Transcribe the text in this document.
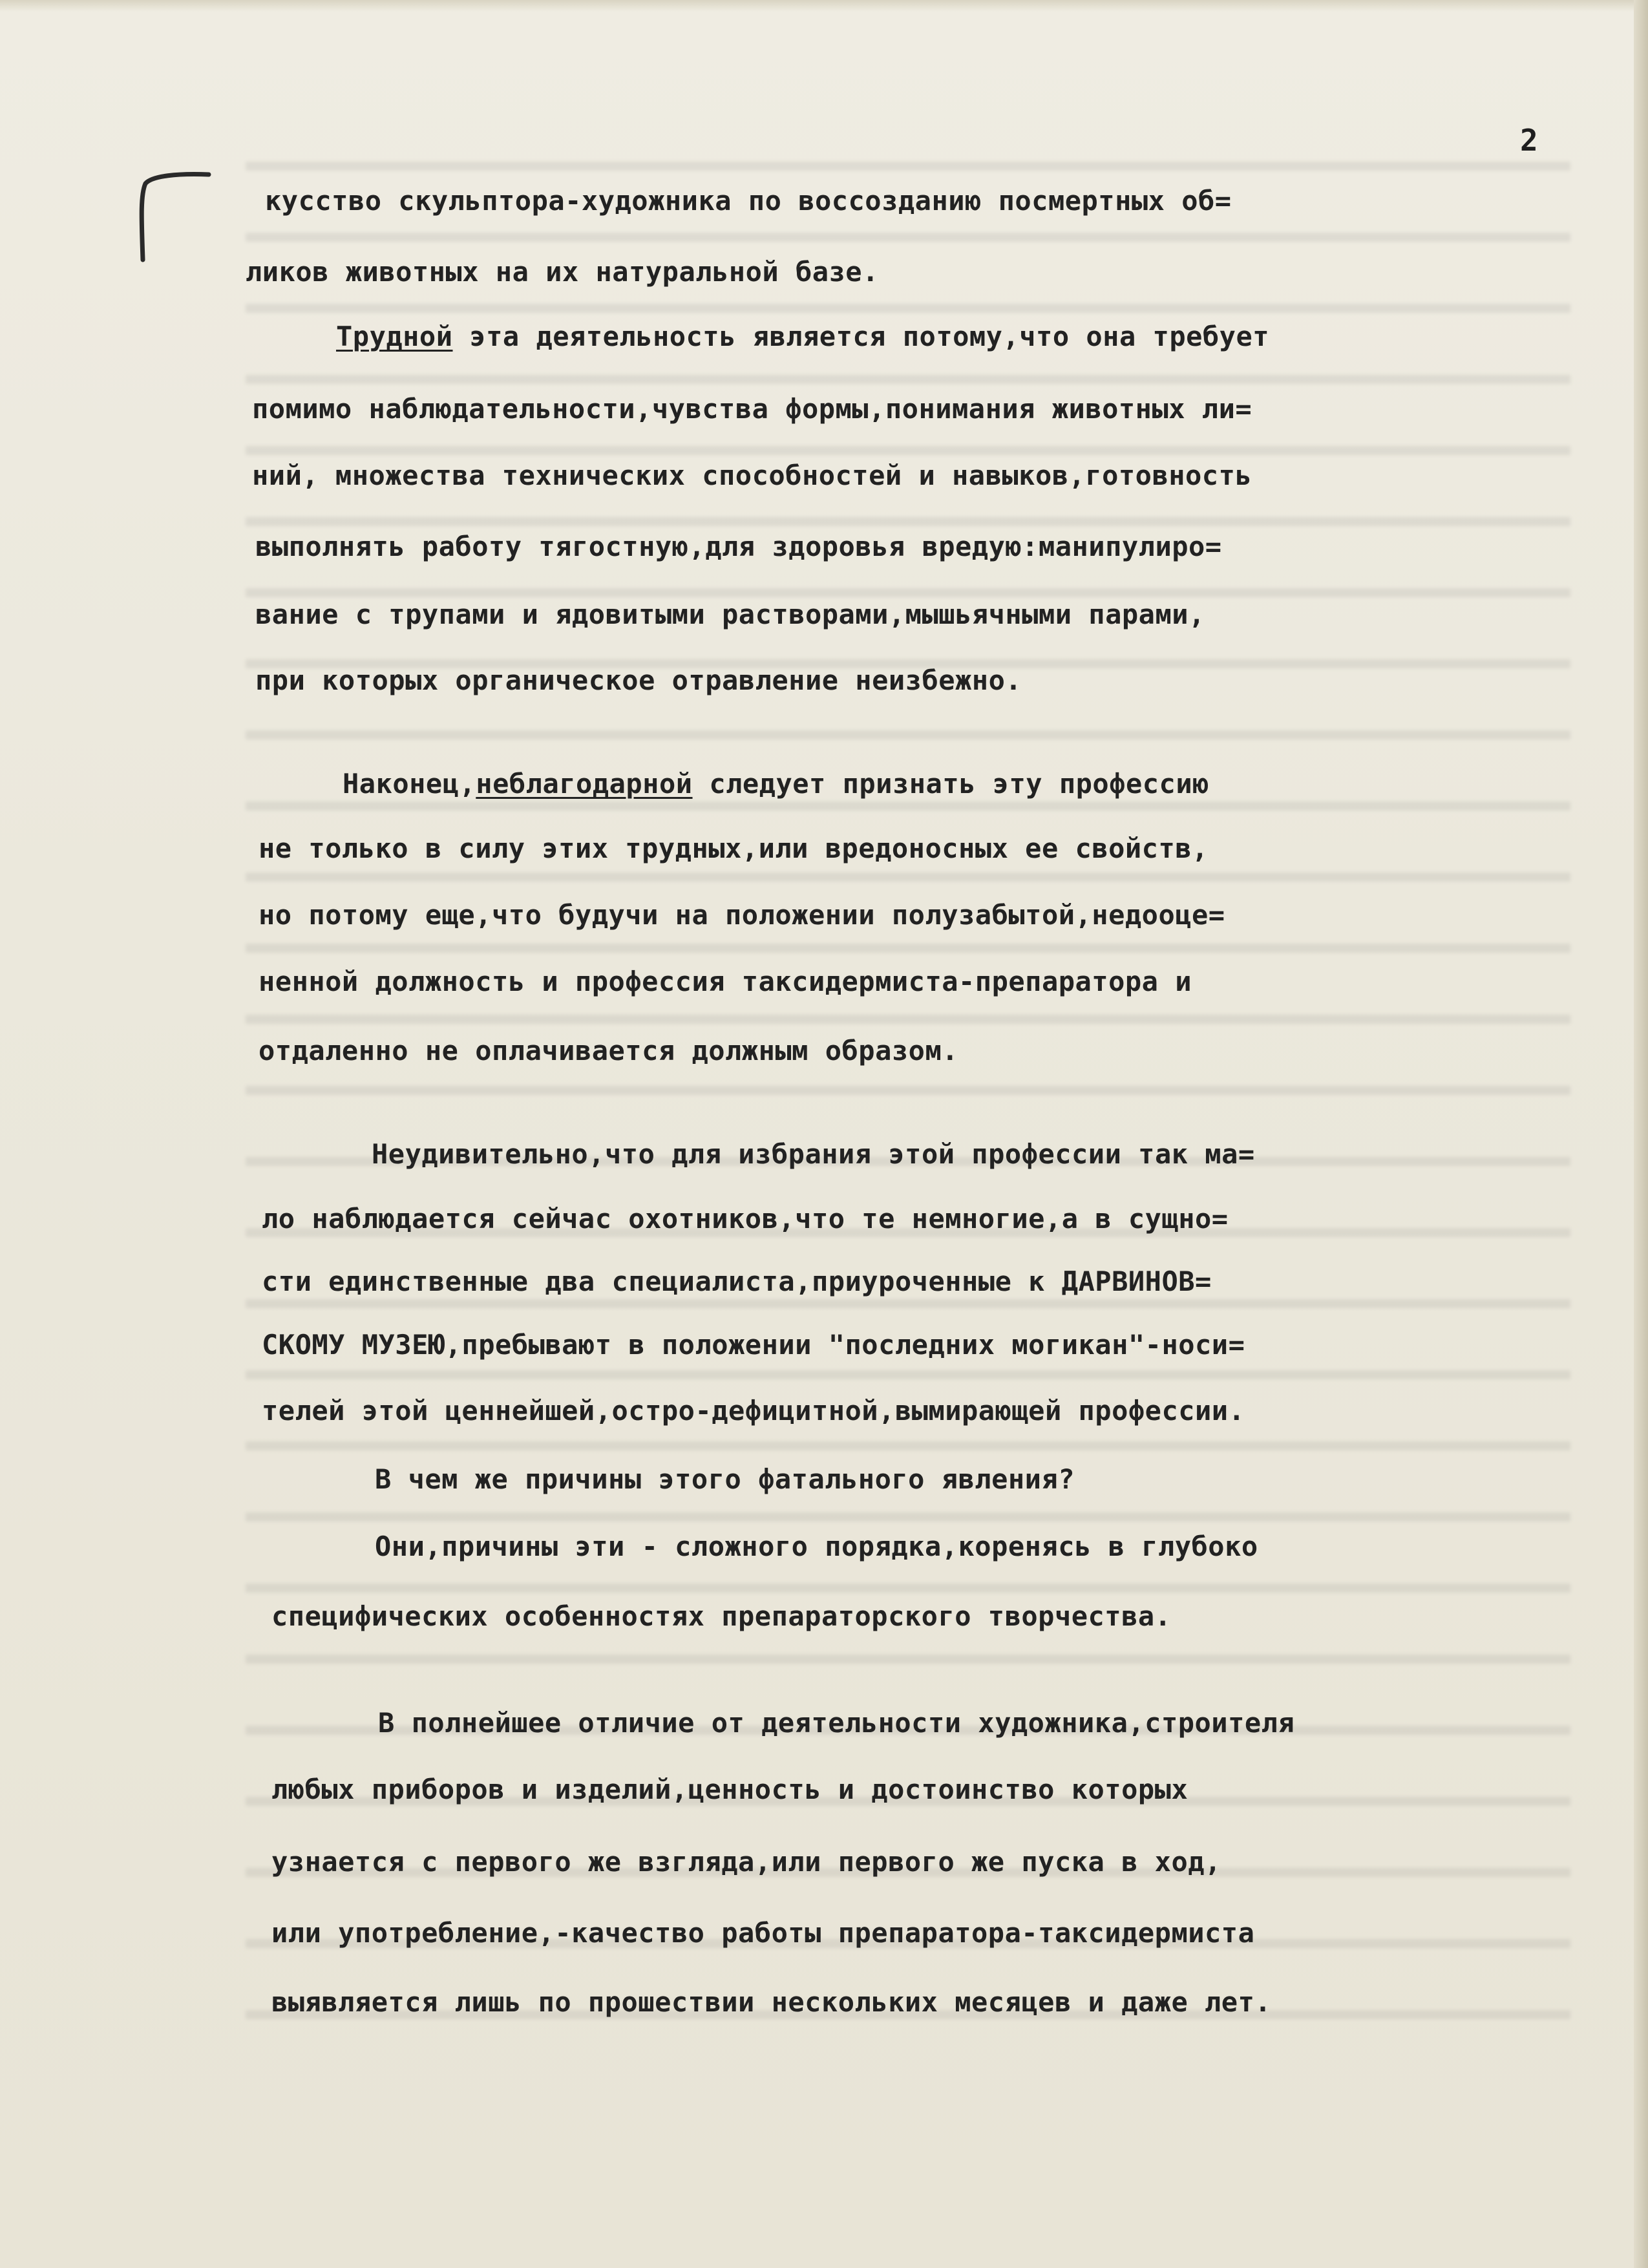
2
кусство скульптора-художника по воссозданию посмертных об=
ликов животных на их натуральной базе.
Трудной эта деятельность является потому,что она требует
помимо наблюдательности,чувства формы,понимания животных ли=
ний, множества технических способностей и навыков,готовность
выполнять работу тягостную,для здоровья вредую:манипулиро=
вание с трупами и ядовитыми растворами,мышьячными парами,
при которых органическое отравление неизбежно.
Наконец,неблагодарной следует признать эту профессию
не только в силу этих трудных,или вредоносных ее свойств,
но потому еще,что будучи на положении полузабытой,недооце=
ненной должность и профессия таксидермиста-препаратора и
отдаленно не оплачивается должным образом.
Неудивительно,что для избрания этой профессии так ма=
ло наблюдается сейчас охотников,что те немногие,а в сущно=
сти единственные два специалиста,приуроченные к ДАРВИНОВ=
СКОМУ МУЗЕЮ,пребывают в положении "последних могикан"-носи=
телей этой ценнейшей,остро-дефицитной,вымирающей профессии.
В чем же причины этого фатального явления?
Они,причины эти - сложного порядка,коренясь в глубоко
специфических особенностях препараторского творчества.
В полнейшее отличие от деятельности художника,строителя
любых приборов и изделий,ценность и достоинство которых
узнается с первого же взгляда,или первого же пуска в ход,
или употребление,-качество работы препаратора-таксидермиста
выявляется лишь по прошествии нескольких месяцев и даже лет.
